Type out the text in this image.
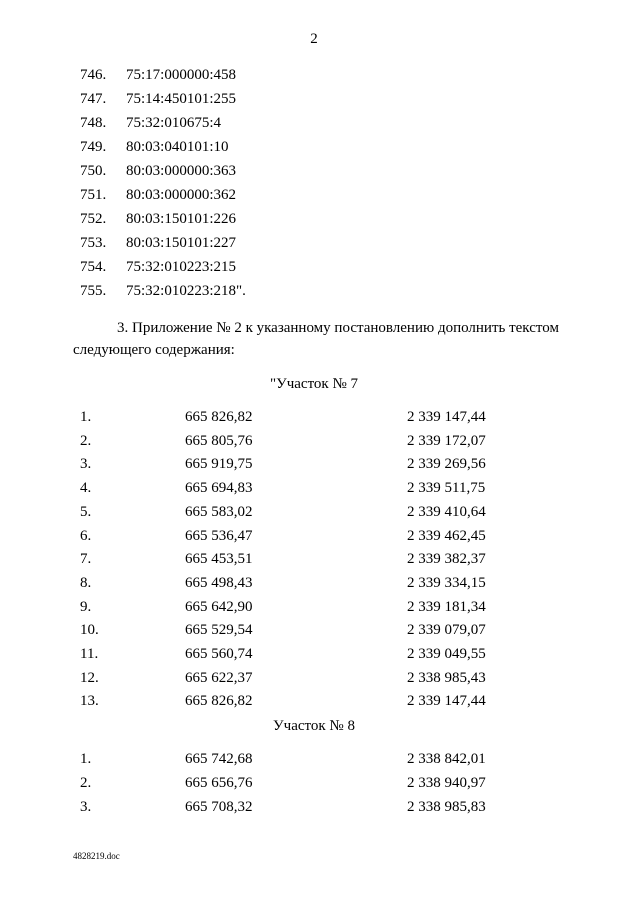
2
746. 75:17:000000:458
747. 75:14:450101:255
748. 75:32:010675:4
749. 80:03:040101:10
750. 80:03:000000:363
751. 80:03:000000:362
752. 80:03:150101:226
753. 80:03:150101:227
754. 75:32:010223:215
755. 75:32:010223:218".
3. Приложение № 2 к указанному постановлению дополнить текстом
следующего содержания:
"Участок № 7
1.	665 826,82	2 339 147,44
2.	665 805,76	2 339 172,07
3.	665 919,75	2 339 269,56
4.	665 694,83	2 339 511,75
5.	665 583,02	2 339 410,64
6.	665 536,47	2 339 462,45
7.	665 453,51	2 339 382,37
8.	665 498,43	2 339 334,15
9.	665 642,90	2 339 181,34
10.	665 529,54	2 339 079,07
11.	665 560,74	2 339 049,55
12.	665 622,37	2 338 985,43
13.	665 826,82	2 339 147,44
Участок № 8
1.	665 742,68	2 338 842,01
2.	665 656,76	2 338 940,97
3.	665 708,32	2 338 985,83
4828219.doc
